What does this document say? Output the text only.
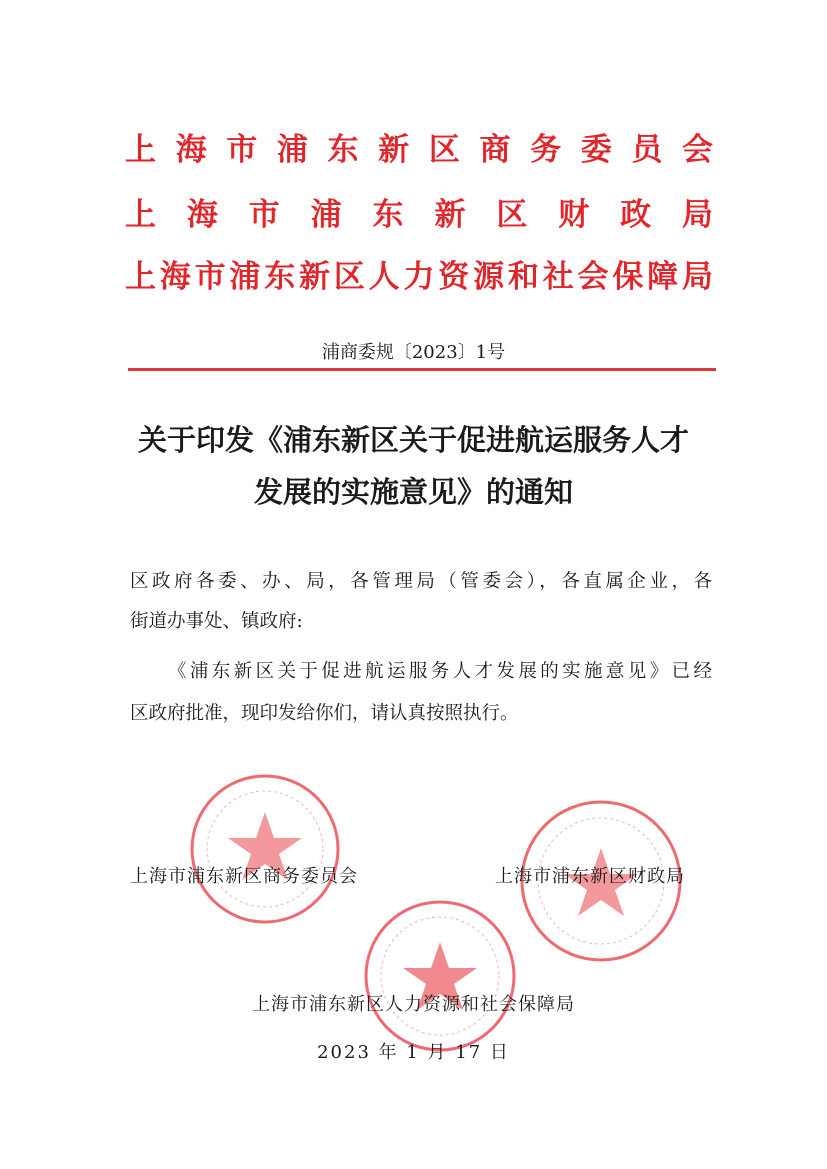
上海市浦东新区商务委员会
上海市浦东新区财政局
上海市浦东新区人力资源和社会保障局
浦商委规〔2023〕1号
关于印发《浦东新区关于促进航运服务人才
发展的实施意见》的通知
区政府各委、办、局，各管理局（管委会），各直属企业，各
街道办事处、镇政府:
《浦东新区关于促进航运服务人才发展的实施意见》已经
区政府批准，现印发给你们，请认真按照执行。
上海市浦东新区商务委员会	上海市浦东新区财政局
上海市浦东新区人力资源和社会保障局
2023 年 1 月 17 日
